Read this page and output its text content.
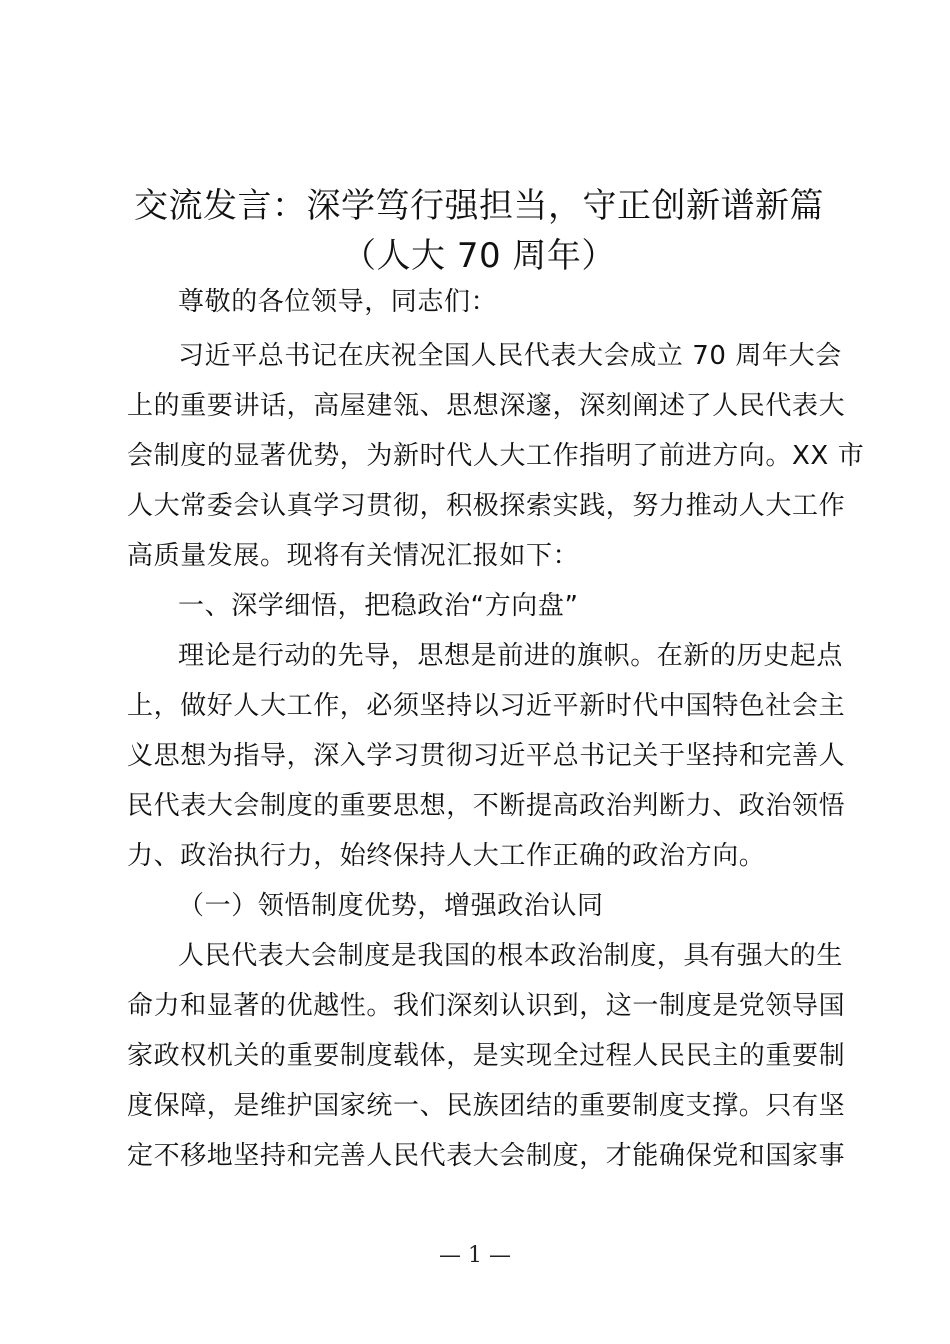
交流发言：深学笃行强担当，守正创新谱新篇
（人大 70 周年）
尊敬的各位领导，同志们：
习近平总书记在庆祝全国人民代表大会成立 70 周年大会
上的重要讲话，高屋建瓴、思想深邃，深刻阐述了人民代表大
会制度的显著优势，为新时代人大工作指明了前进方向。XX 市
人大常委会认真学习贯彻，积极探索实践，努力推动人大工作
高质量发展。现将有关情况汇报如下：
一、深学细悟，把稳政治“方向盘”
理论是行动的先导，思想是前进的旗帜。在新的历史起点
上，做好人大工作，必须坚持以习近平新时代中国特色社会主
义思想为指导，深入学习贯彻习近平总书记关于坚持和完善人
民代表大会制度的重要思想，不断提高政治判断力、政治领悟
力、政治执行力，始终保持人大工作正确的政治方向。
（一）领悟制度优势，增强政治认同
人民代表大会制度是我国的根本政治制度，具有强大的生
命力和显著的优越性。我们深刻认识到，这一制度是党领导国
家政权机关的重要制度载体，是实现全过程人民民主的重要制
度保障，是维护国家统一、民族团结的重要制度支撑。只有坚
定不移地坚持和完善人民代表大会制度，才能确保党和国家事
— 1 —
